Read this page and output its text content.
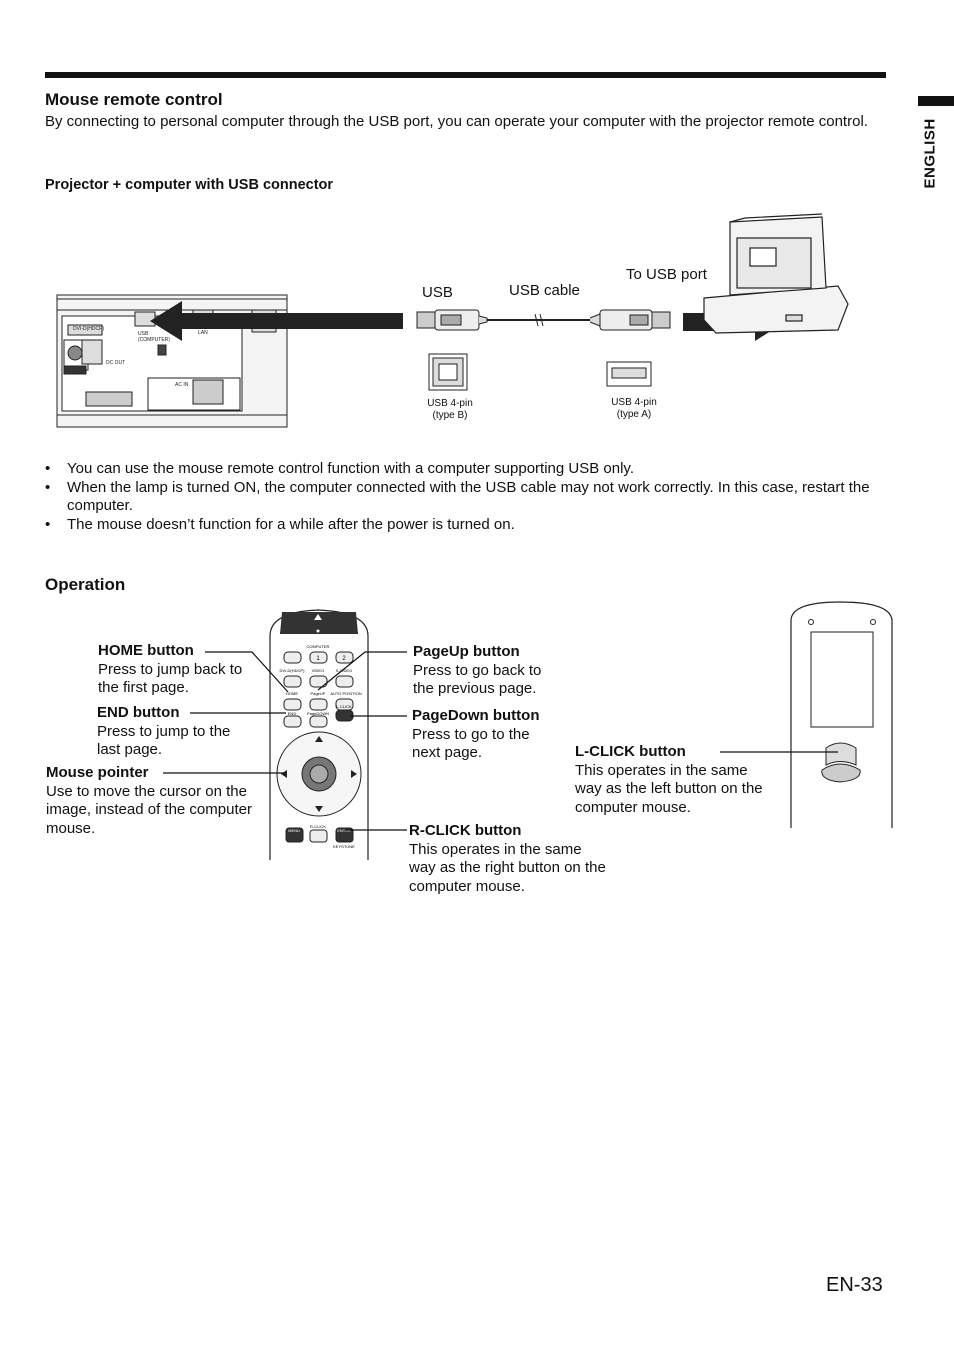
ENGLISH
Mouse remote control
By connecting to personal computer through the USB port, you can operate your computer with the projector remote control.
Projector + computer with USB connector
DVI-D(HDCP)
USB
(COMPUTER)
LAN
DC OUT
AC IN
USB	USB cable
To USB port
USB 4-pin
(type B)
USB 4-pin
(type A)
• You can use the mouse remote control function with a computer supporting USB only.
• When the lamp is turned ON, the computer connected with the USB cable may not work correctly. In this case, restart the computer.
• The mouse doesn’t function for a while after the power is turned on.
Operation
COMPUTER
1	2
DVI-D(HDCP) VIDEO	S-VIDEO
HOME	PageUP AUTO POSITION
END	PageDOWN
L-CLICK
MENU
R-CLICK
ENTER
KEYSTONE
HOME button
Press to jump back to the first page.
END button
Press to jump to the last page.
Mouse pointer
Use to move the cursor on the image, instead of the computer mouse.
PageUp button
Press to go back to the previous page.
PageDown button
Press to go to the next page.
R-CLICK button
This operates in the same way as the right button on the computer mouse.
L-CLICK button
This operates in the same way as the left button on the computer mouse.
EN-33
